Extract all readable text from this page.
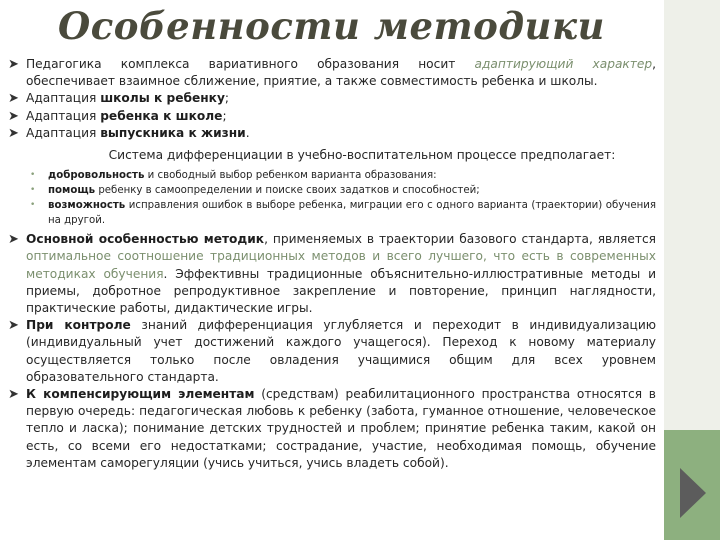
Особенности методики
➤ Педагогика комплекса вариативного образования носит адаптирующий характер, обеспечивает взаимное сближение, приятие, а также совместимость ребенка и школы.
➤ Адаптация школы к ребенку;
➤ Адаптация ребенка к школе;
➤ Адаптация выпускника к жизни.
Система дифференциации в учебно-воспитательном процессе предполагает:
• добровольность и свободный выбор ребенком варианта образования:
• помощь ребенку в самоопределении и поиске своих задатков и способностей;
• возможность исправления ошибок в выборе ребенка, миграции его с одного варианта (траектории) обучения на другой.
➤ Основной особенностью методик, применяемых в траектории базового стандарта, является оптимальное соотношение традиционных методов и всего лучшего, что есть в современных методиках обучения. Эффективны традиционные объяснительно-иллюстративные методы и приемы, добротное репродуктивное закрепление и повторение, принцип наглядности, практические работы, дидактические игры.
➤ При контроле знаний дифференциация углубляется и переходит в индивидуализацию (индивидуальный учет достижений каждого учащегося). Переход к новому материалу осуществляется только после овладения учащимися общим для всех уровнем образовательного стандарта.
➤ К компенсирующим элементам (средствам) реабилитационного пространства относятся в первую очередь: педагогическая любовь к ребенку (забота, гуманное отношение, человеческое тепло и ласка); понимание детских трудностей и проблем; принятие ребенка таким, какой он есть, со всеми его недостатками; сострадание, участие, необходимая помощь, обучение элементам саморегуляции (учись учиться, учись владеть собой).
